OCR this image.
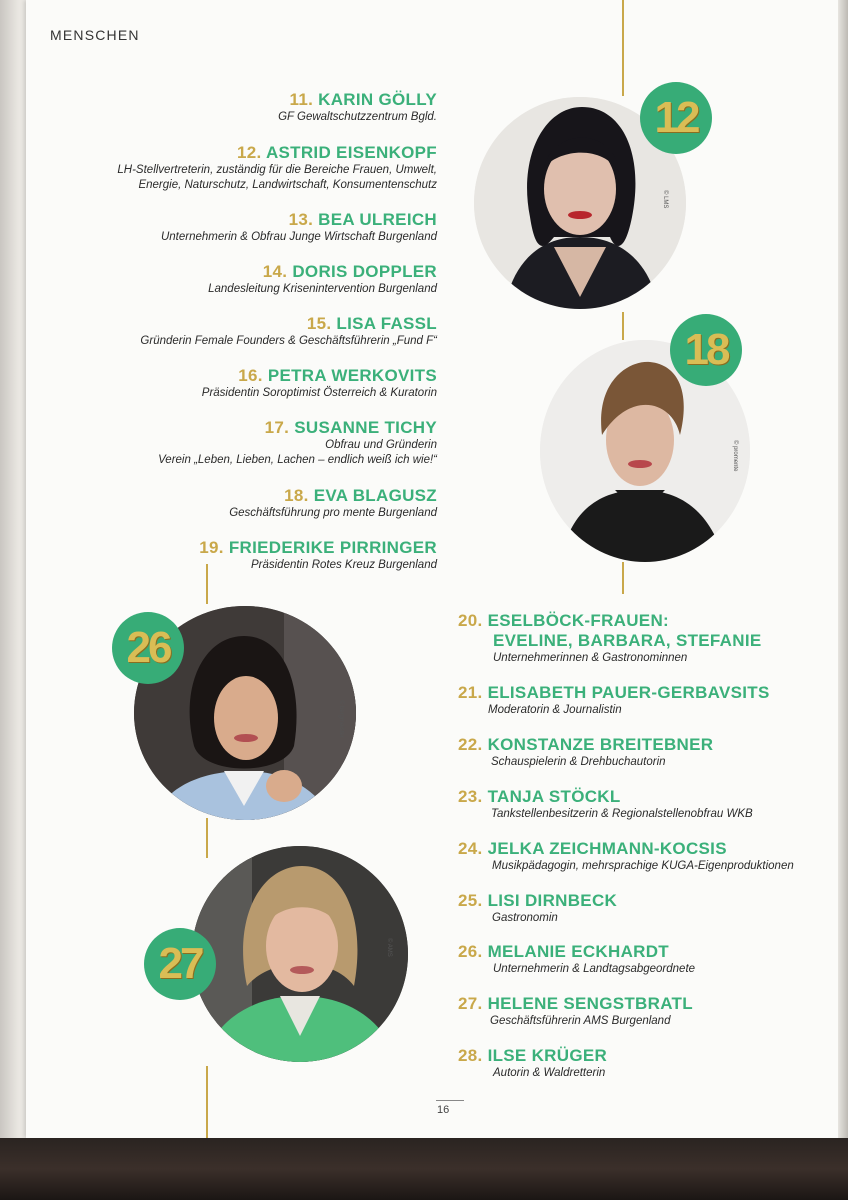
MENSCHEN
11. KARIN GÖLLY
GF Gewaltschutzzentrum Bgld.
12. ASTRID EISENKOPF
LH-Stellvertreterin, zuständig für die Bereiche Frauen, Umwelt,
Energie, Naturschutz, Landwirtschaft, Konsumentenschutz
13. BEA ULREICH
Unternehmerin & Obfrau Junge Wirtschaft Burgenland
14. DORIS DOPPLER
Landesleitung Krisenintervention Burgenland
15. LISA FASSL
Gründerin Female Founders & Geschäftsführerin „Fund F“
16. PETRA WERKOVITS
Präsidentin Soroptimist Österreich & Kuratorin
17. SUSANNE TICHY
Obfrau und Gründerin
Verein „Leben, Lieben, Lachen – endlich weiß ich wie!“
18. EVA BLAGUSZ
Geschäftsführung pro mente Burgenland
19. FRIEDERIKE PIRRINGER
Präsidentin Rotes Kreuz Burgenland
20. ESELBÖCK-FRAUEN:
EVELINE, BARBARA, STEFANIE
Unternehmerinnen & Gastronominnen
21. ELISABETH PAUER-GERBAVSITS
Moderatorin & Journalistin
22. KONSTANZE BREITEBNER
Schauspielerin & Drehbuchautorin
23. TANJA STÖCKL
Tankstellenbesitzerin & Regionalstellenobfrau WKB
24. JELKA ZEICHMANN-KOCSIS
Musikpädagogin, mehrsprachige KUGA-Eigenproduktionen
25. LISI DIRNBECK
Gastronomin
26. MELANIE ECKHARDT
Unternehmerin & Landtagsabgeordnete
27. HELENE SENGSTBRATL
Geschäftsführerin AMS Burgenland
28. ILSE KRÜGER
Autorin & Waldretterin
12
© LMS
18
© promente
26
© bergmeister
27	© AMS
16
